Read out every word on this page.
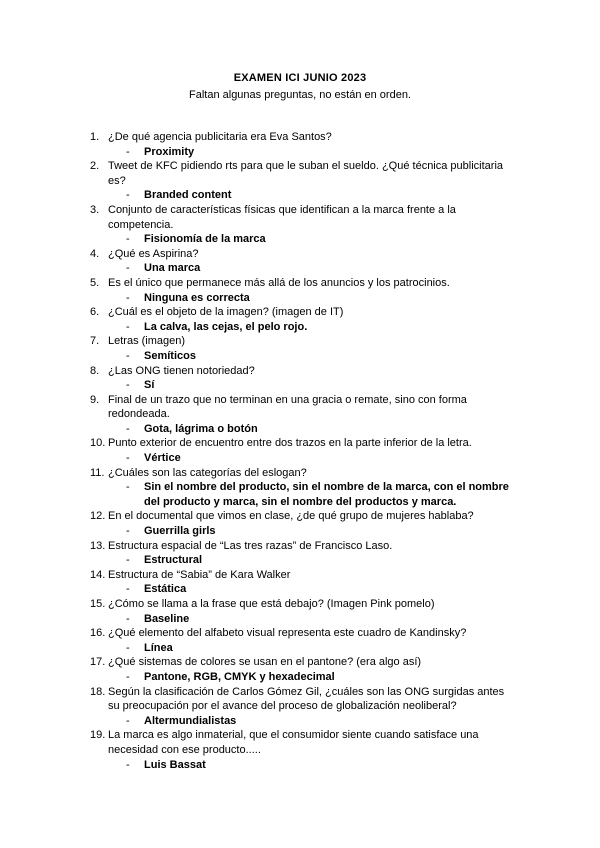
EXAMEN ICI JUNIO 2023
Faltan algunas preguntas, no están en orden.
1. ¿De qué agencia publicitaria era Eva Santos?
- Proximity
2. Tweet de KFC pidiendo rts para que le suban el sueldo. ¿Qué técnica publicitaria es?
- Branded content
3. Conjunto de características físicas que identifican a la marca frente a la competencia.
- Fisionomía de la marca
4. ¿Qué es Aspirina?
- Una marca
5. Es el único que permanece más allá de los anuncios y los patrocinios.
- Ninguna es correcta
6. ¿Cuál es el objeto de la imagen? (imagen de IT)
- La calva, las cejas, el pelo rojo.
7. Letras (imagen)
- Semíticos
8. ¿Las ONG tienen notoriedad?
- Sí
9. Final de un trazo que no terminan en una gracia o remate, sino con forma redondeada.
- Gota, lágrima o botón
10. Punto exterior de encuentro entre dos trazos en la parte inferior de la letra.
- Vértice
11. ¿Cuáles son las categorías del eslogan?
- Sin el nombre del producto, sin el nombre de la marca, con el nombre del producto y marca, sin el nombre del productos y marca.
12. En el documental que vimos en clase, ¿de qué grupo de mujeres hablaba?
- Guerrilla girls
13. Estructura espacial de “Las tres razas” de Francisco Laso.
- Estructural
14. Estructura de “Sabia” de Kara Walker
- Estática
15. ¿Cómo se llama a la frase que está debajo? (Imagen Pink pomelo)
- Baseline
16. ¿Qué elemento del alfabeto visual representa este cuadro de Kandinsky?
- Línea
17. ¿Qué sistemas de colores se usan en el pantone? (era algo así)
- Pantone, RGB, CMYK y hexadecimal
18. Según la clasificación de Carlos Gómez Gil, ¿cuáles son las ONG surgidas antes su preocupación por el avance del proceso de globalización neoliberal?
- Altermundialistas
19. La marca es algo inmaterial, que el consumidor siente cuando satisface una necesidad con ese producto.....
- Luis Bassat
